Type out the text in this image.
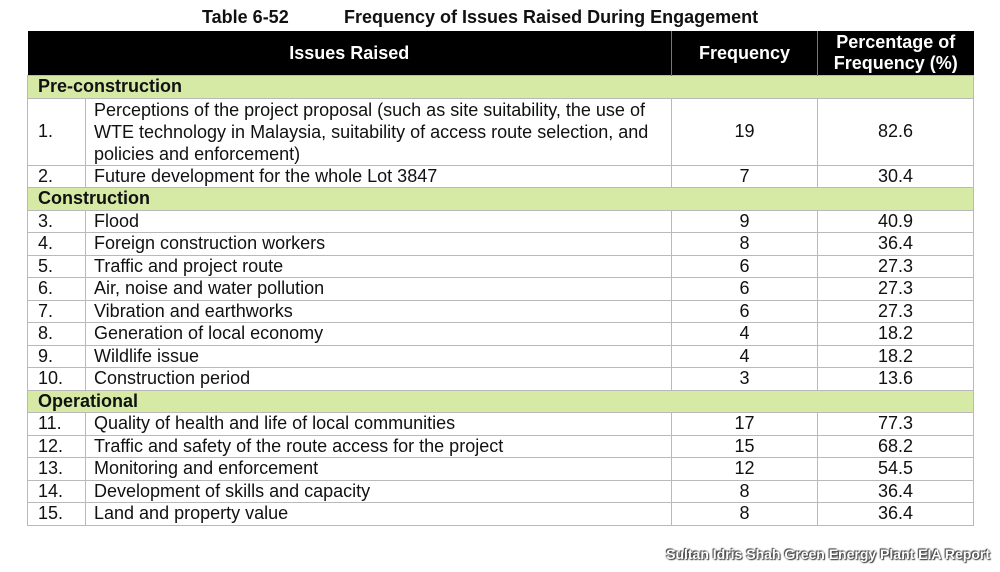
Table 6-52	Frequency of Issues Raised During Engagement
Issues Raised		Frequency	Percentage of Frequency (%)
Pre-construction			
1.	Perceptions of the project proposal (such as site suitability, the use of WTE technology in Malaysia, suitability of access route selection, and policies and enforcement)	19	82.6
2.	Future development for the whole Lot 3847	7	30.4
Construction			
3.	Flood	9	40.9
4.	Foreign construction workers	8	36.4
5.	Traffic and project route	6	27.3
6.	Air, noise and water pollution	6	27.3
7.	Vibration and earthworks	6	27.3
8.	Generation of local economy	4	18.2
9.	Wildlife issue	4	18.2
10.	Construction period	3	13.6
Operational			
11.	Quality of health and life of local communities	17	77.3
12.	Traffic and safety of the route access for the project	15	68.2
13.	Monitoring and enforcement	12	54.5
14.	Development of skills and capacity	8	36.4
15.	Land and property value	8	36.4
Sultan Idris Shah Green Energy Plant EIA Report
